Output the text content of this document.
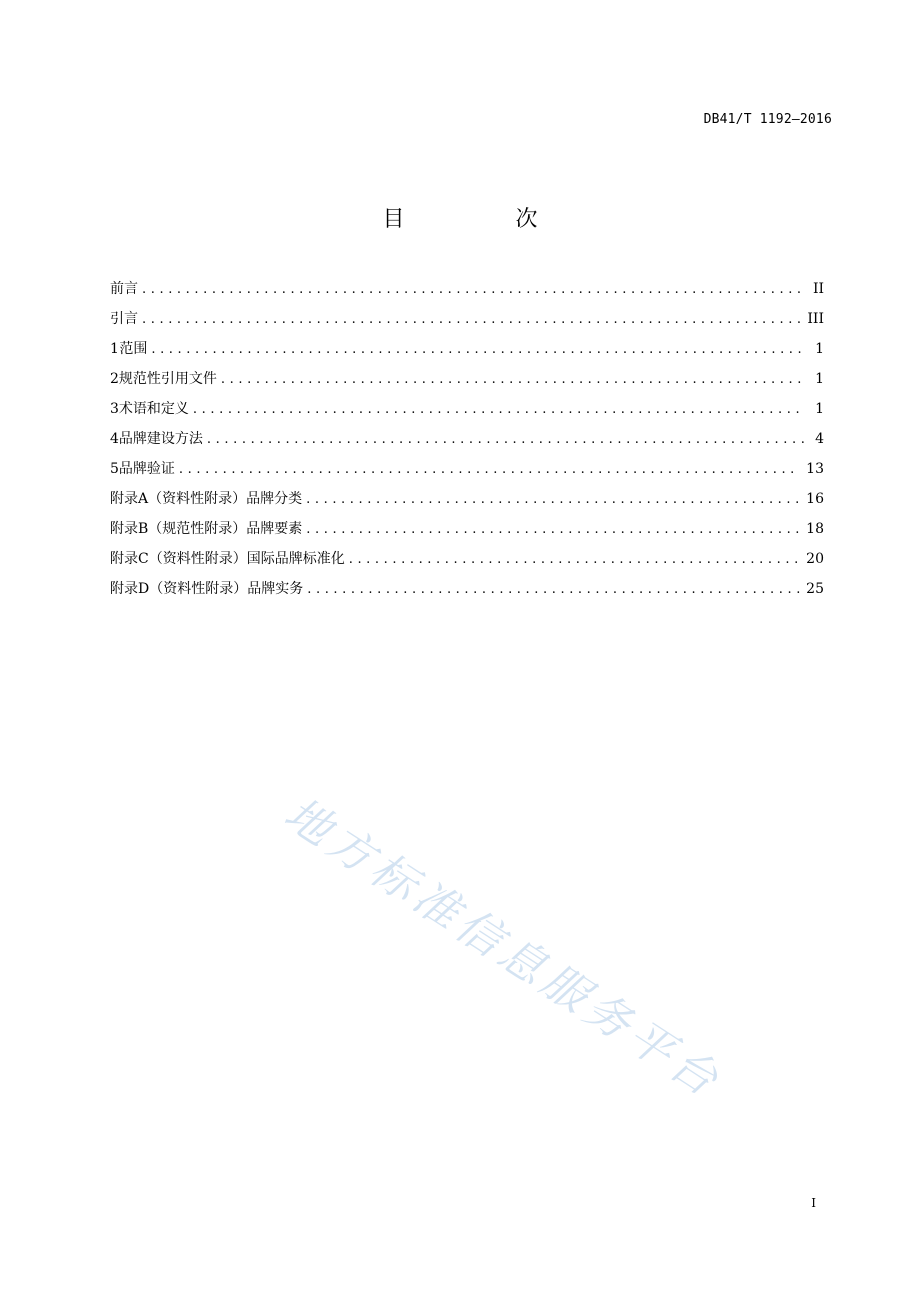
DB41/T 1192—2016
目 次
前言 .....	II
引言 .....	III
1 范围 .....	1
2 规范性引用文件 .....	1
3 术语和定义 .....	1
4 品牌建设方法 .....	4
5 品牌验证 .....	13
附录A（资料性附录） 品牌分类 .....	16
附录B（规范性附录） 品牌要素 .....	18
附录C（资料性附录） 国际品牌标准化 .....	20
附录D（资料性附录） 品牌实务 .....	25
地方标准信息服务平台
I
